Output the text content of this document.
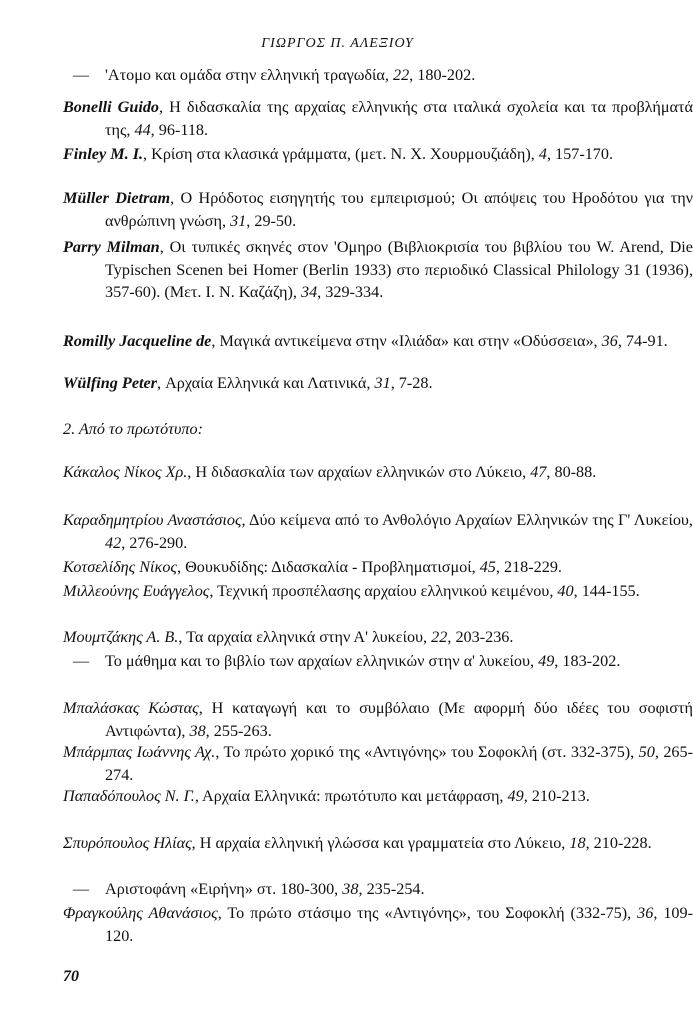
ΓΙΩΡΓΟΣ Π. ΑΛΕΞΙΟΥ
— 'Ατομο και ομάδα στην ελληνική τραγωδία, 22, 180-202.
Bonelli Guido, Η διδασκαλία της αρχαίας ελληνικής στα ιταλικά σχολεία και τα προβλήματά της, 44, 96-118.
Finley M. I., Κρίση στα κλασικά γράμματα, (μετ. Ν. Χ. Χουρμουζιάδη), 4, 157-170.
Müller Dietram, Ο Ηρόδοτος εισηγητής του εμπειρισμού; Οι απόψεις του Ηροδότου για την ανθρώπινη γνώση, 31, 29-50.
Parry Milman, Οι τυπικές σκηνές στον 'Ομηρο (Βιβλιοκρισία του βιβλίου του W. Arend, Die Typischen Scenen bei Homer (Berlin 1933) στο περιοδικό Classical Philology 31 (1936), 357-60). (Μετ. Ι. Ν. Καζάζη), 34, 329-334.
Romilly Jacqueline de, Μαγικά αντικείμενα στην «Ιλιάδα» και στην «Οδύσσεια», 36, 74-91.
Wülfing Peter, Αρχαία Ελληνικά και Λατινικά, 31, 7-28.
2. Από το πρωτότυπο:
Κάκαλος Νίκος Χρ., Η διδασκαλία των αρχαίων ελληνικών στο Λύκειο, 47, 80-88.
Καραδημητρίου Αναστάσιος, Δύο κείμενα από το Ανθολόγιο Αρχαίων Ελληνικών της Γ' Λυκείου, 42, 276-290.
Κοτσελίδης Νίκος, Θουκυδίδης: Διδασκαλία - Προβληματισμοί, 45, 218-229.
Μιλλεούνης Ευάγγελος, Τεχνική προσπέλασης αρχαίου ελληνικού κειμένου, 40, 144-155.
Μουμτζάκης Α. Β., Τα αρχαία ελληνικά στην Α' λυκείου, 22, 203-236.
— Το μάθημα και το βιβλίο των αρχαίων ελληνικών στην α' λυκείου, 49, 183-202.
Μπαλάσκας Κώστας, Η καταγωγή και το συμβόλαιο (Με αφορμή δύο ιδέες του σοφιστή Αντιφώντα), 38, 255-263.
Μπάρμπας Ιωάννης Αχ., Το πρώτο χορικό της «Αντιγόνης» του Σοφοκλή (στ. 332-375), 50, 265-274.
Παπαδόπουλος Ν. Γ., Αρχαία Ελληνικά: πρωτότυπο και μετάφραση, 49, 210-213.
Σπυρόπουλος Ηλίας, Η αρχαία ελληνική γλώσσα και γραμματεία στο Λύκειο, 18, 210-228.
— Αριστοφάνη «Ειρήνη» στ. 180-300, 38, 235-254.
Φραγκούλης Αθανάσιος, Το πρώτο στάσιμο της «Αντιγόνης», του Σοφοκλή (332-75), 36, 109-120.
70
